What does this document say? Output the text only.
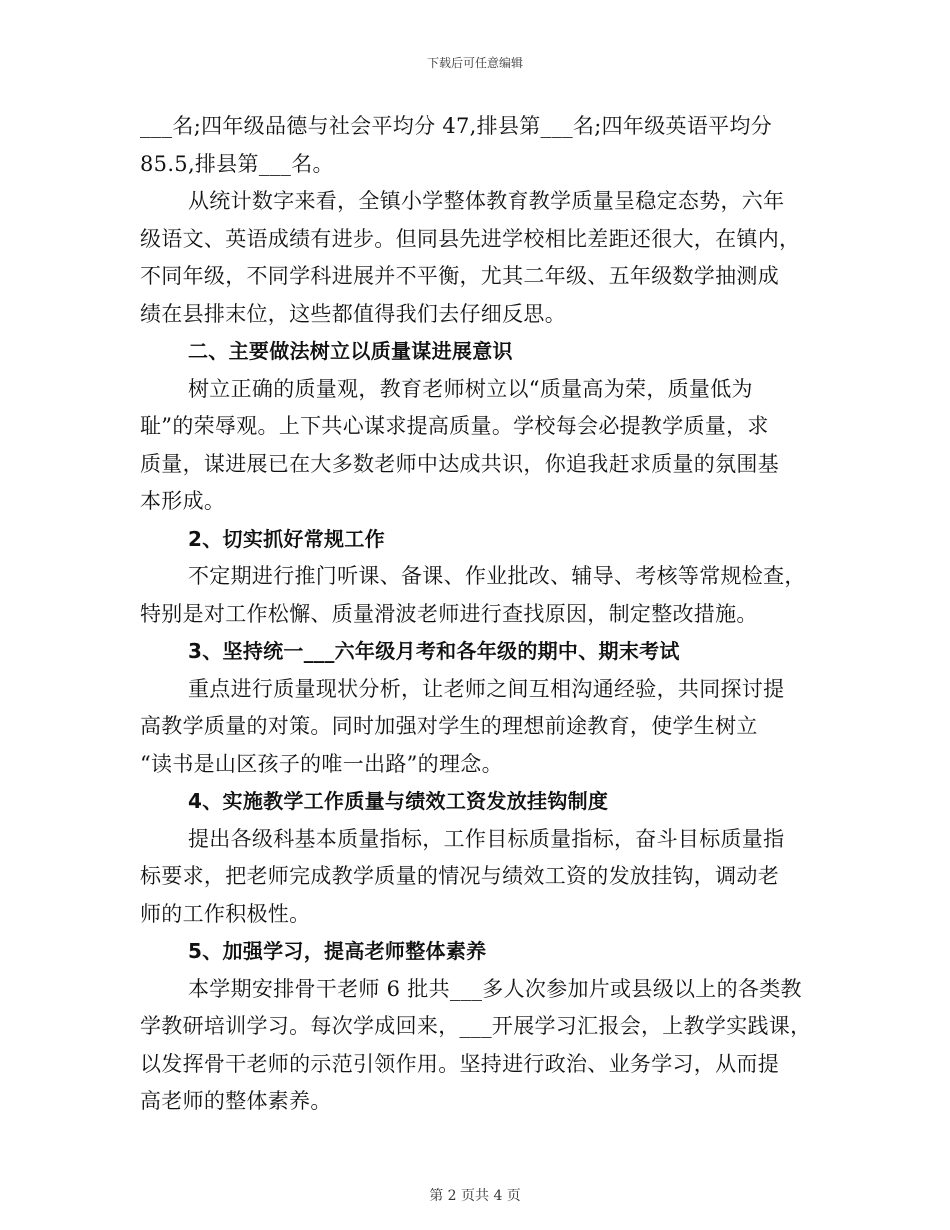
下载后可任意编辑
___名;四年级品德与社会平均分 47,排县第___名;四年级英语平均分
85.5,排县第___名。
从统计数字来看，全镇小学整体教育教学质量呈稳定态势，六年
级语文、英语成绩有进步。但同县先进学校相比差距还很大，在镇内，
不同年级，不同学科进展并不平衡，尤其二年级、五年级数学抽测成
绩在县排末位，这些都值得我们去仔细反思。
二、主要做法树立以质量谋进展意识
树立正确的质量观，教育老师树立以“质量高为荣，质量低为
耻”的荣辱观。上下共心谋求提高质量。学校每会必提教学质量，求
质量，谋进展已在大多数老师中达成共识，你追我赶求质量的氛围基
本形成。
2、切实抓好常规工作
不定期进行推门听课、备课、作业批改、辅导、考核等常规检查，
特别是对工作松懈、质量滑波老师进行查找原因，制定整改措施。
3、坚持统一___六年级月考和各年级的期中、期末考试
重点进行质量现状分析，让老师之间互相沟通经验，共同探讨提
高教学质量的对策。同时加强对学生的理想前途教育，使学生树立
“读书是山区孩子的唯一出路”的理念。
4、实施教学工作质量与绩效工资发放挂钩制度
提出各级科基本质量指标，工作目标质量指标，奋斗目标质量指
标要求，把老师完成教学质量的情况与绩效工资的发放挂钩，调动老
师的工作积极性。
5、加强学习，提高老师整体素养
本学期安排骨干老师 6 批共___多人次参加片或县级以上的各类教
学教研培训学习。每次学成回来，___开展学习汇报会，上教学实践课，
以发挥骨干老师的示范引领作用。坚持进行政治、业务学习，从而提
高老师的整体素养。
第 2 页共 4 页
